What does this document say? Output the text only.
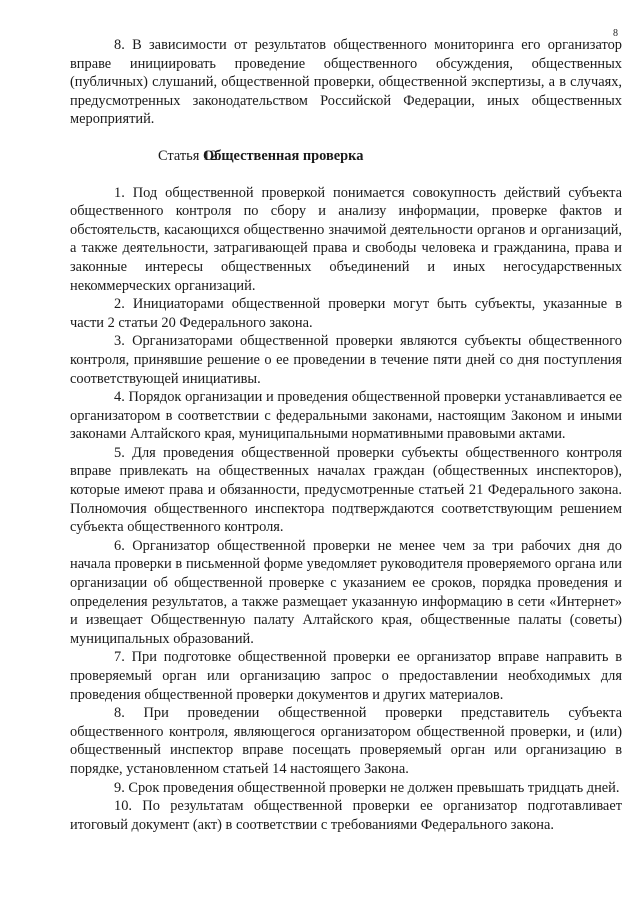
8

8. В зависимости от результатов общественного мониторинга его организатор вправе инициировать проведение общественного обсуждения, общественных (публичных) слушаний, общественной проверки, общественной экспертизы, а в случаях, предусмотренных законодательством Российской Федерации, иных общественных мероприятий.

Статья 12.Общественная проверка

1. Под общественной проверкой понимается совокупность действий субъекта общественного контроля по сбору и анализу информации, проверке фактов и обстоятельств, касающихся общественно значимой деятельности органов и организаций, а также деятельности, затрагивающей права и свободы человека и гражданина, права и законные интересы общественных объединений и иных негосударственных некоммерческих организаций.

2. Инициаторами общественной проверки могут быть субъекты, указанные в части 2 статьи 20 Федерального закона.

3. Организаторами общественной проверки являются субъекты общественного контроля, принявшие решение о ее проведении в течение пяти дней со дня поступления соответствующей инициативы.

4. Порядок организации и проведения общественной проверки устанавливается ее организатором в соответствии с федеральными законами, настоящим Законом и иными законами Алтайского края, муниципальными нормативными правовыми актами.

5. Для проведения общественной проверки субъекты общественного контроля вправе привлекать на общественных началах граждан (общественных инспекторов), которые имеют права и обязанности, предусмотренные статьей 21 Федерального закона. Полномочия общественного инспектора подтверждаются соответствующим решением субъекта общественного контроля.

6. Организатор общественной проверки не менее чем за три рабочих дня до начала проверки в письменной форме уведомляет руководителя проверяемого органа или организации об общественной проверке с указанием ее сроков, порядка проведения и определения результатов, а также размещает указанную информацию в сети «Интернет» и извещает Общественную палату Алтайского края, общественные палаты (советы) муниципальных образований.

7. При подготовке общественной проверки ее организатор вправе направить в проверяемый орган или организацию запрос о предоставлении необходимых для проведения общественной проверки документов и других материалов.

8. При проведении общественной проверки представитель субъекта общественного контроля, являющегося организатором общественной проверки, и (или) общественный инспектор вправе посещать проверяемый орган или организацию в порядке, установленном статьей 14 настоящего Закона.

9. Срок проведения общественной проверки не должен превышать тридцать дней.

10. По результатам общественной проверки ее организатор подготавливает итоговый документ (акт) в соответствии с требованиями Федерального закона.
